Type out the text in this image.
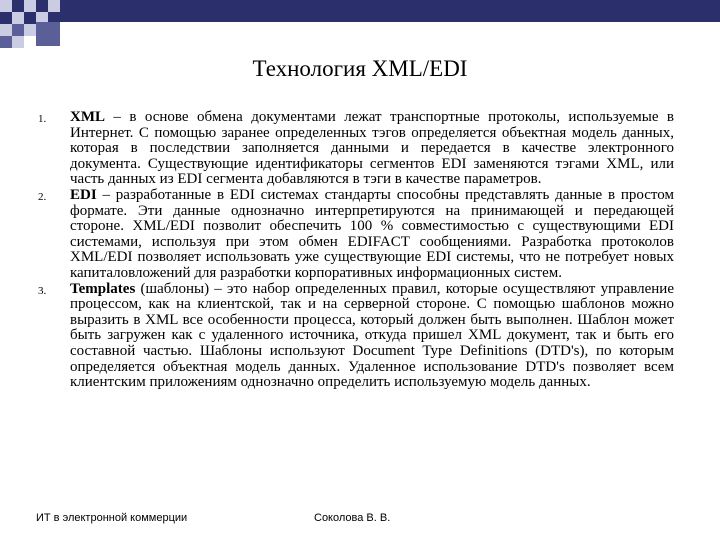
Технология XML/EDI
1.	XML – в основе обмена документами лежат транспортные протоколы, используемые в Интернет. С помощью заранее определенных тэгов определяется объектная модель данных, которая в последствии заполняется данными и передается в качестве электронного документа. Существующие идентификаторы сегментов EDI заменяются тэгами XML, или часть данных из EDI сегмента добавляются в тэги в качестве параметров.
2.	EDI – разработанные в EDI системах стандарты способны представлять данные в простом формате. Эти данные однозначно интерпретируются на принимающей и передающей стороне. XML/EDI позволит обеспечить 100 % совместимостью с существующими EDI системами, используя при этом обмен EDIFACT сообщениями. Разработка протоколов XML/EDI позволяет использовать уже существующие EDI системы, что не потребует новых капиталовложений для разработки корпоративных информационных систем.
3.	Templates (шаблоны) – это набор определенных правил, которые осуществляют управление процессом, как на клиентской, так и на серверной стороне. С помощью шаблонов можно выразить в XML все особенности процесса, который должен быть выполнен. Шаблон может быть загружен как с удаленного источника, откуда пришел XML документ, так и быть его составной частью. Шаблоны используют Document Type Definitions (DTD's), по которым определяется объектная модель данных. Удаленное использование DTD's позволяет всем клиентским приложениям однозначно определить используемую модель данных.
ИТ в электронной коммерции	Соколова В. В.
